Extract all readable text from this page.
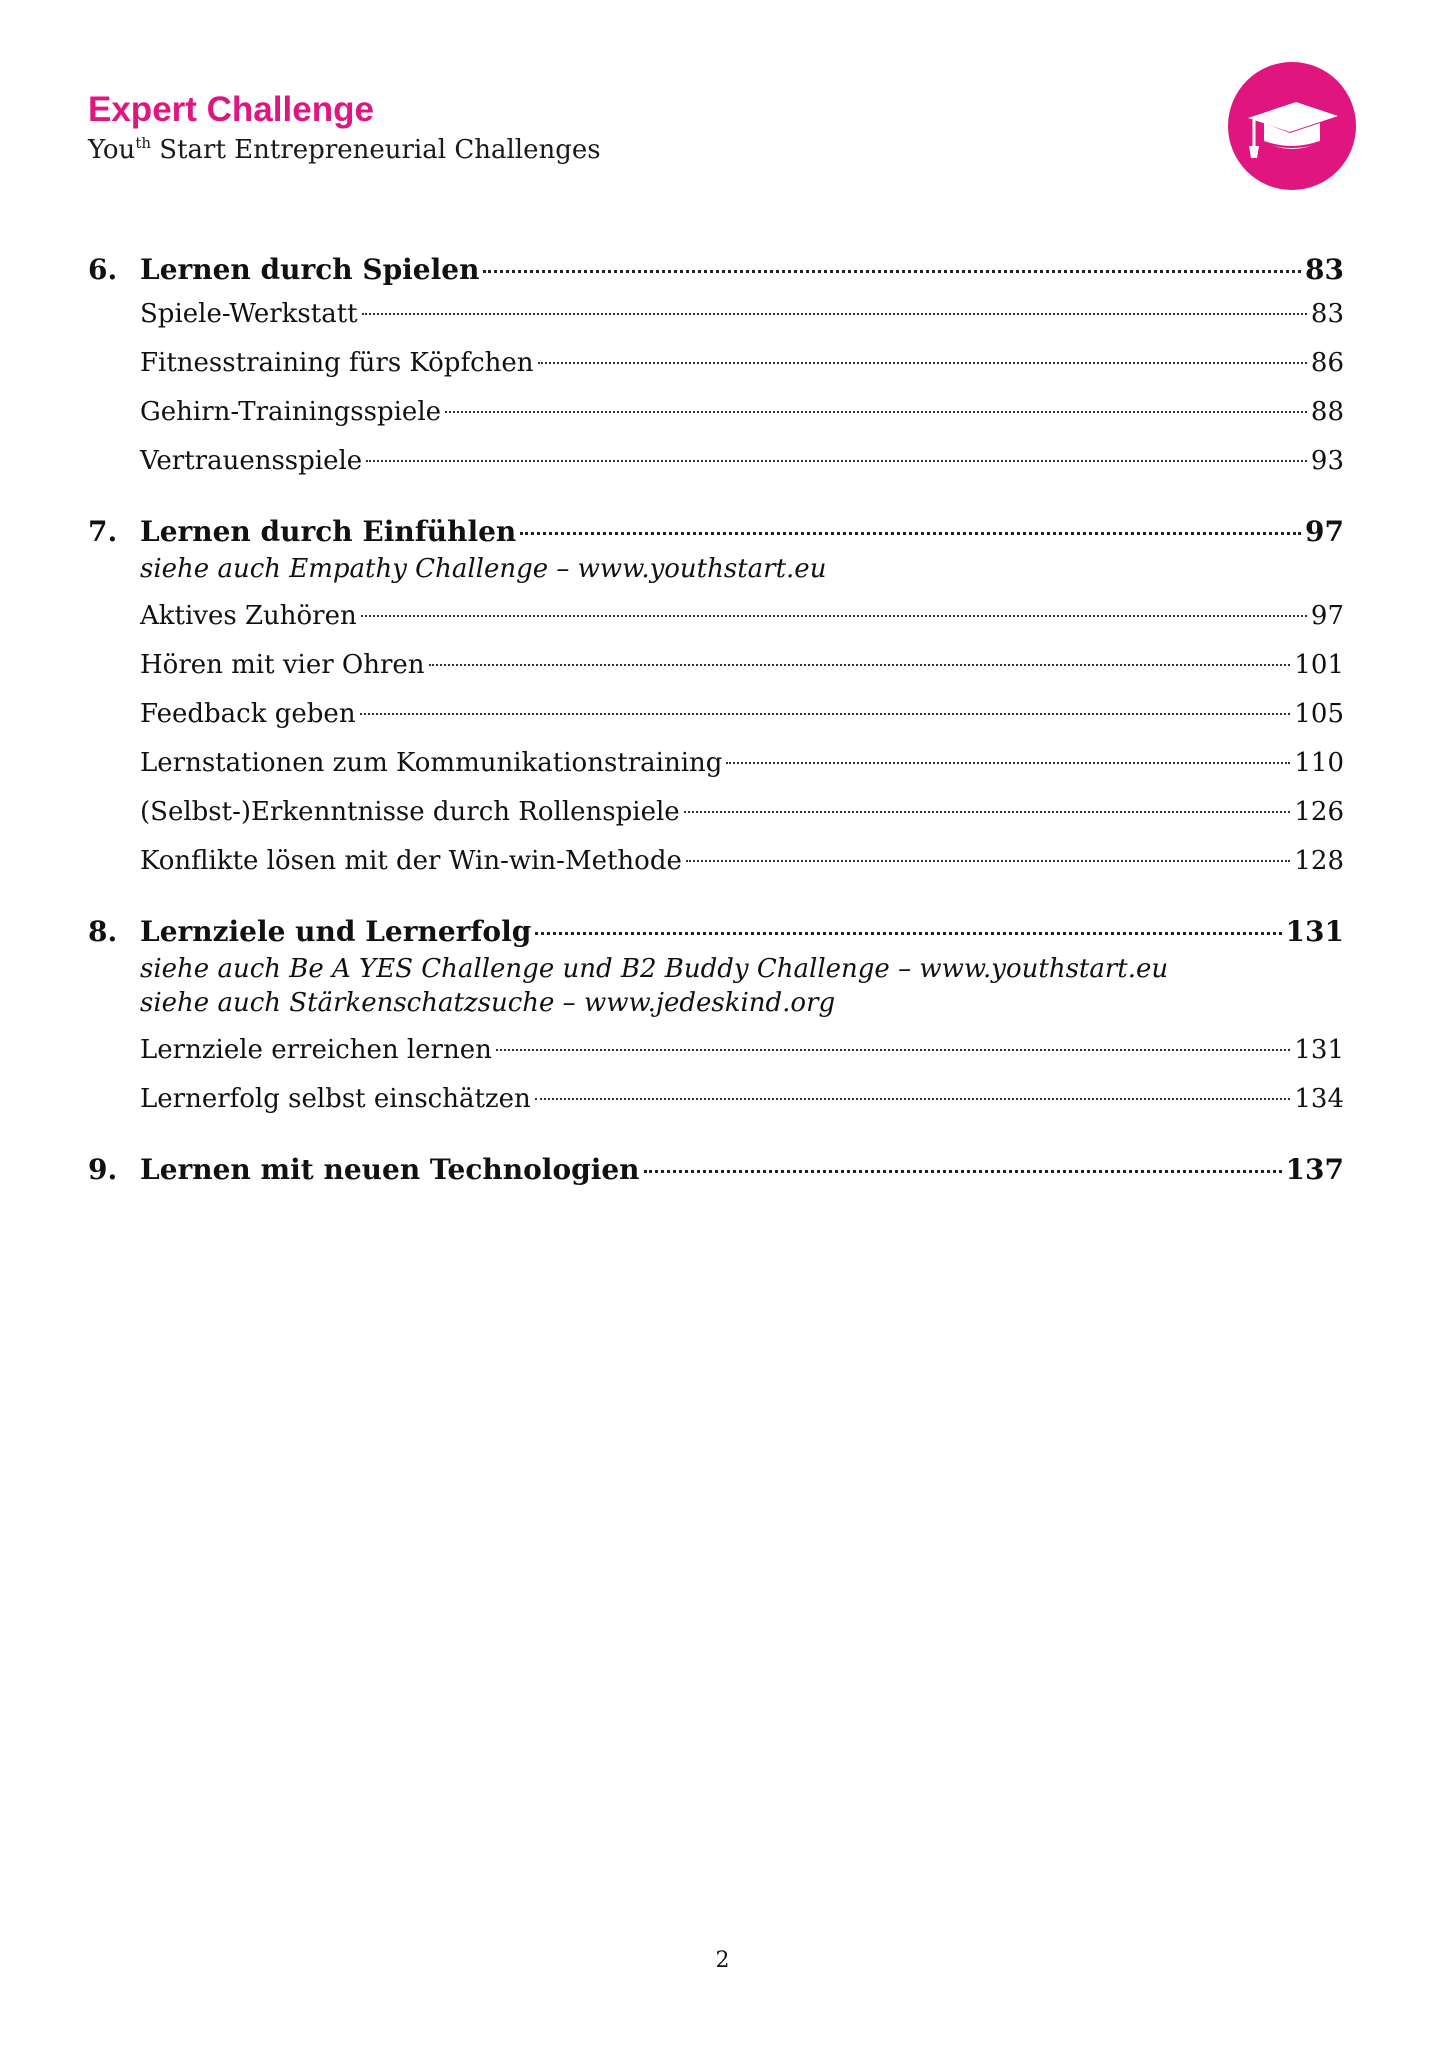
Expert Challenge
You$^{th}$ Start Entrepreneurial Challenges
6. Lernen durch Spielen	83
Spiele-Werkstatt	83
Fitnesstraining fürs Köpfchen	86
Gehirn-Trainingsspiele	88
Vertrauensspiele	93
7. Lernen durch Einfühlen	97
siehe auch Empathy Challenge – www.youthstart.eu
Aktives Zuhören	97
Hören mit vier Ohren	101
Feedback geben	105
Lernstationen zum Kommunikationstraining	110
(Selbst-)Erkenntnisse durch Rollenspiele	126
Konflikte lösen mit der Win-win-Methode	128
8. Lernziele und Lernerfolg	131
siehe auch Be A YES Challenge und B2 Buddy Challenge – www.youthstart.eu
siehe auch Stärkenschatzsuche – www.jedeskind.org
Lernziele erreichen lernen	131
Lernerfolg selbst einschätzen	134
9. Lernen mit neuen Technologien	137
2
